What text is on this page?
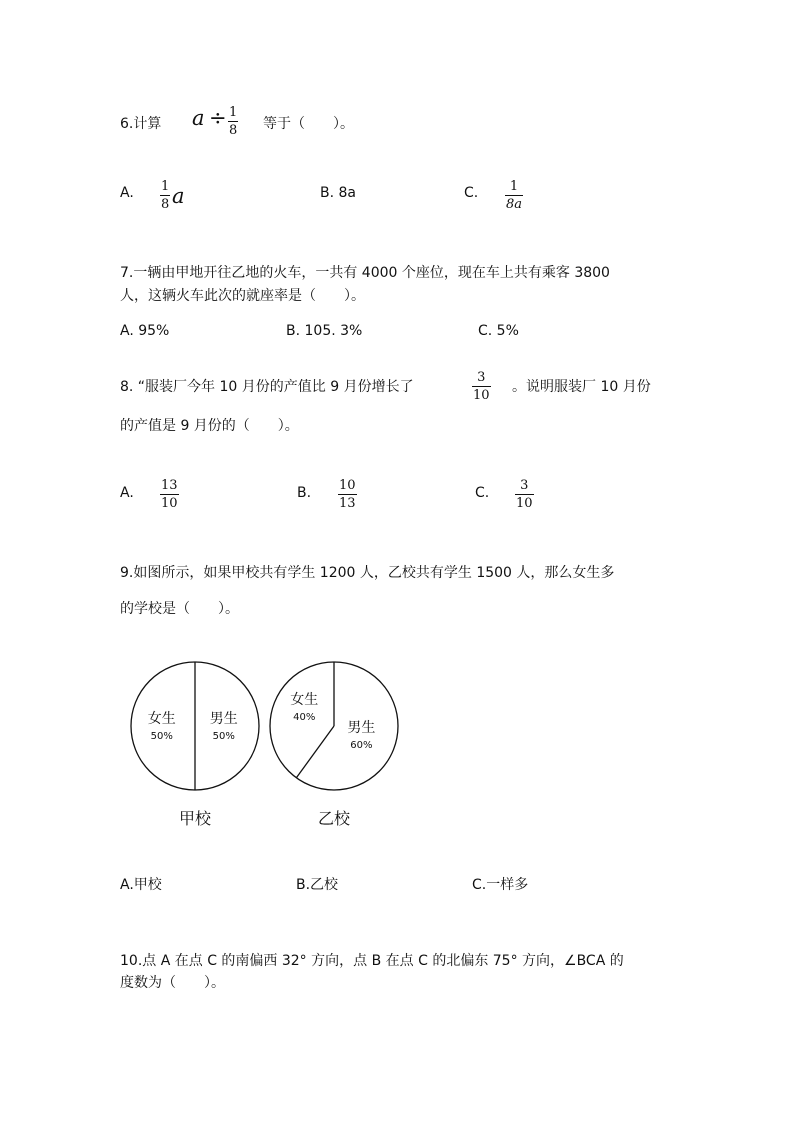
6.计算 a ÷ 1
8 等于（　　）。
A. 1
8 a	B. 8a	C. 1
8a
7.一辆由甲地开往乙地的火车，一共有 4000 个座位，现在车上共有乘客 3800
人，这辆火车此次的就座率是（　　）。
A. 95%	B. 105. 3%	C. 5%
8. “服装厂今年 10 月份的产值比 9 月份增长了
3
10
。说明服装厂 10 月份
的产值是 9 月份的（　　）。
A. 13
10
B. 10
13
C. 3
10
9.如图所示，如果甲校共有学生 1200 人，乙校共有学生 1500 人，那么女生多
的学校是（　　）。
女生
50%
男生
50%
甲校
女生
40%
男生
60%
乙校
A.甲校	B.乙校	C.一样多
10.点 A 在点 C 的南偏西 32° 方向，点 B 在点 C 的北偏东 75° 方向，∠BCA 的
度数为（　　）。
